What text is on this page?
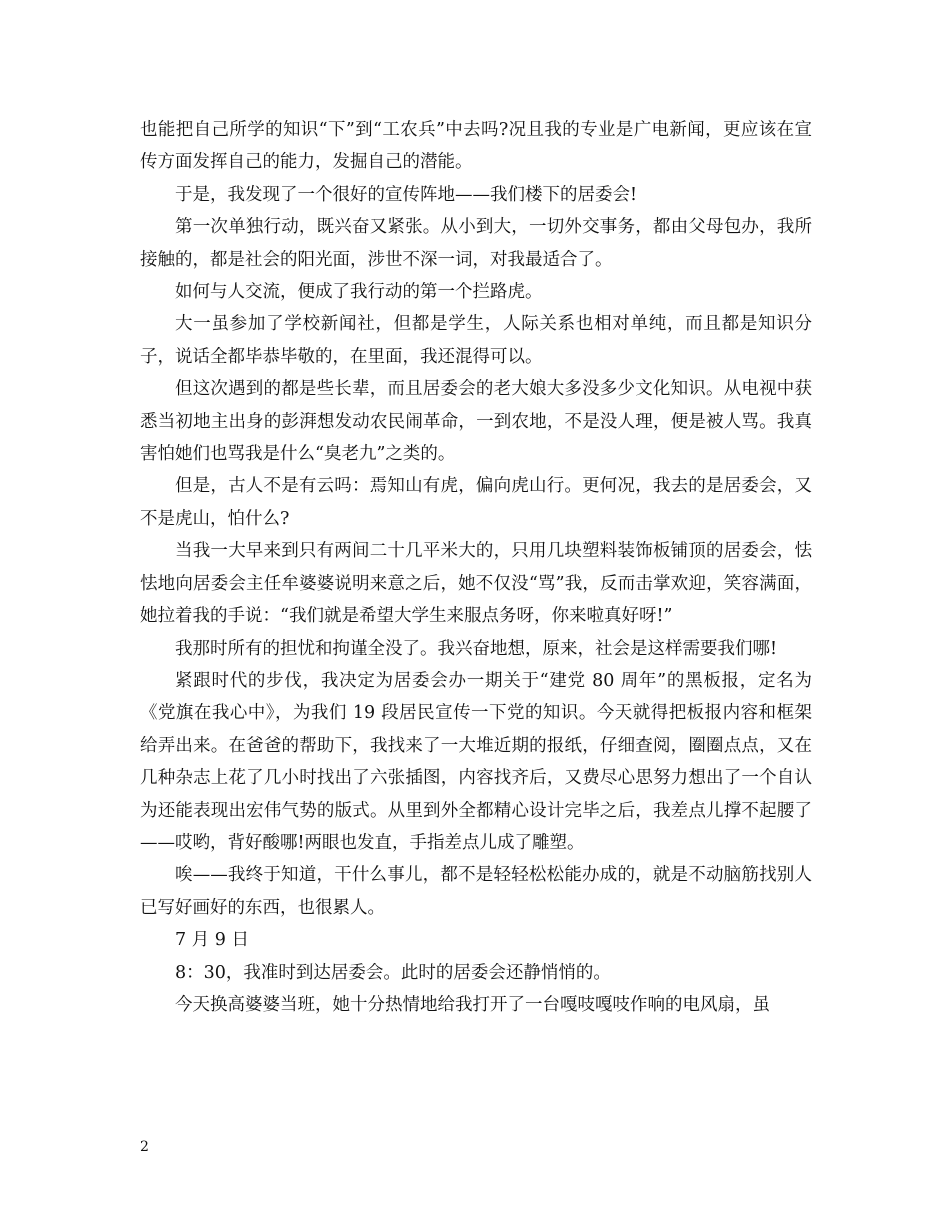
也能把自己所学的知识“下”到“工农兵”中去吗?况且我的专业是广电新闻，更应该在宣传方面发挥自己的能力，发掘自己的潜能。

于是，我发现了一个很好的宣传阵地——我们楼下的居委会!

第一次单独行动，既兴奋又紧张。从小到大，一切外交事务，都由父母包办，我所接触的，都是社会的阳光面，涉世不深一词，对我最适合了。

如何与人交流，便成了我行动的第一个拦路虎。

大一虽参加了学校新闻社，但都是学生，人际关系也相对单纯，而且都是知识分子，说话全都毕恭毕敬的，在里面，我还混得可以。

但这次遇到的都是些长辈，而且居委会的老大娘大多没多少文化知识。从电视中获悉当初地主出身的彭湃想发动农民闹革命，一到农地，不是没人理，便是被人骂。我真害怕她们也骂我是什么“臭老九”之类的。

但是，古人不是有云吗：焉知山有虎，偏向虎山行。更何况，我去的是居委会，又不是虎山，怕什么?

当我一大早来到只有两间二十几平米大的，只用几块塑料装饰板铺顶的居委会，怯怯地向居委会主任牟婆婆说明来意之后，她不仅没“骂”我，反而击掌欢迎，笑容满面，她拉着我的手说：“我们就是希望大学生来服点务呀，你来啦真好呀!”

我那时所有的担忧和拘谨全没了。我兴奋地想，原来，社会是这样需要我们哪!

紧跟时代的步伐，我决定为居委会办一期关于“建党 80 周年”的黑板报，定名为《党旗在我心中》，为我们 19 段居民宣传一下党的知识。今天就得把板报内容和框架给弄出来。在爸爸的帮助下，我找来了一大堆近期的报纸，仔细查阅，圈圈点点，又在几种杂志上花了几小时找出了六张插图，内容找齐后，又费尽心思努力想出了一个自认为还能表现出宏伟气势的版式。从里到外全都精心设计完毕之后，我差点儿撑不起腰了——哎哟，背好酸哪!两眼也发直，手指差点儿成了雕塑。

唉——我终于知道，干什么事儿，都不是轻轻松松能办成的，就是不动脑筋找别人已写好画好的东西，也很累人。

7 月 9 日

8：30，我准时到达居委会。此时的居委会还静悄悄的。

今天换高婆婆当班，她十分热情地给我打开了一台嘎吱嘎吱作响的电风扇，虽

2
